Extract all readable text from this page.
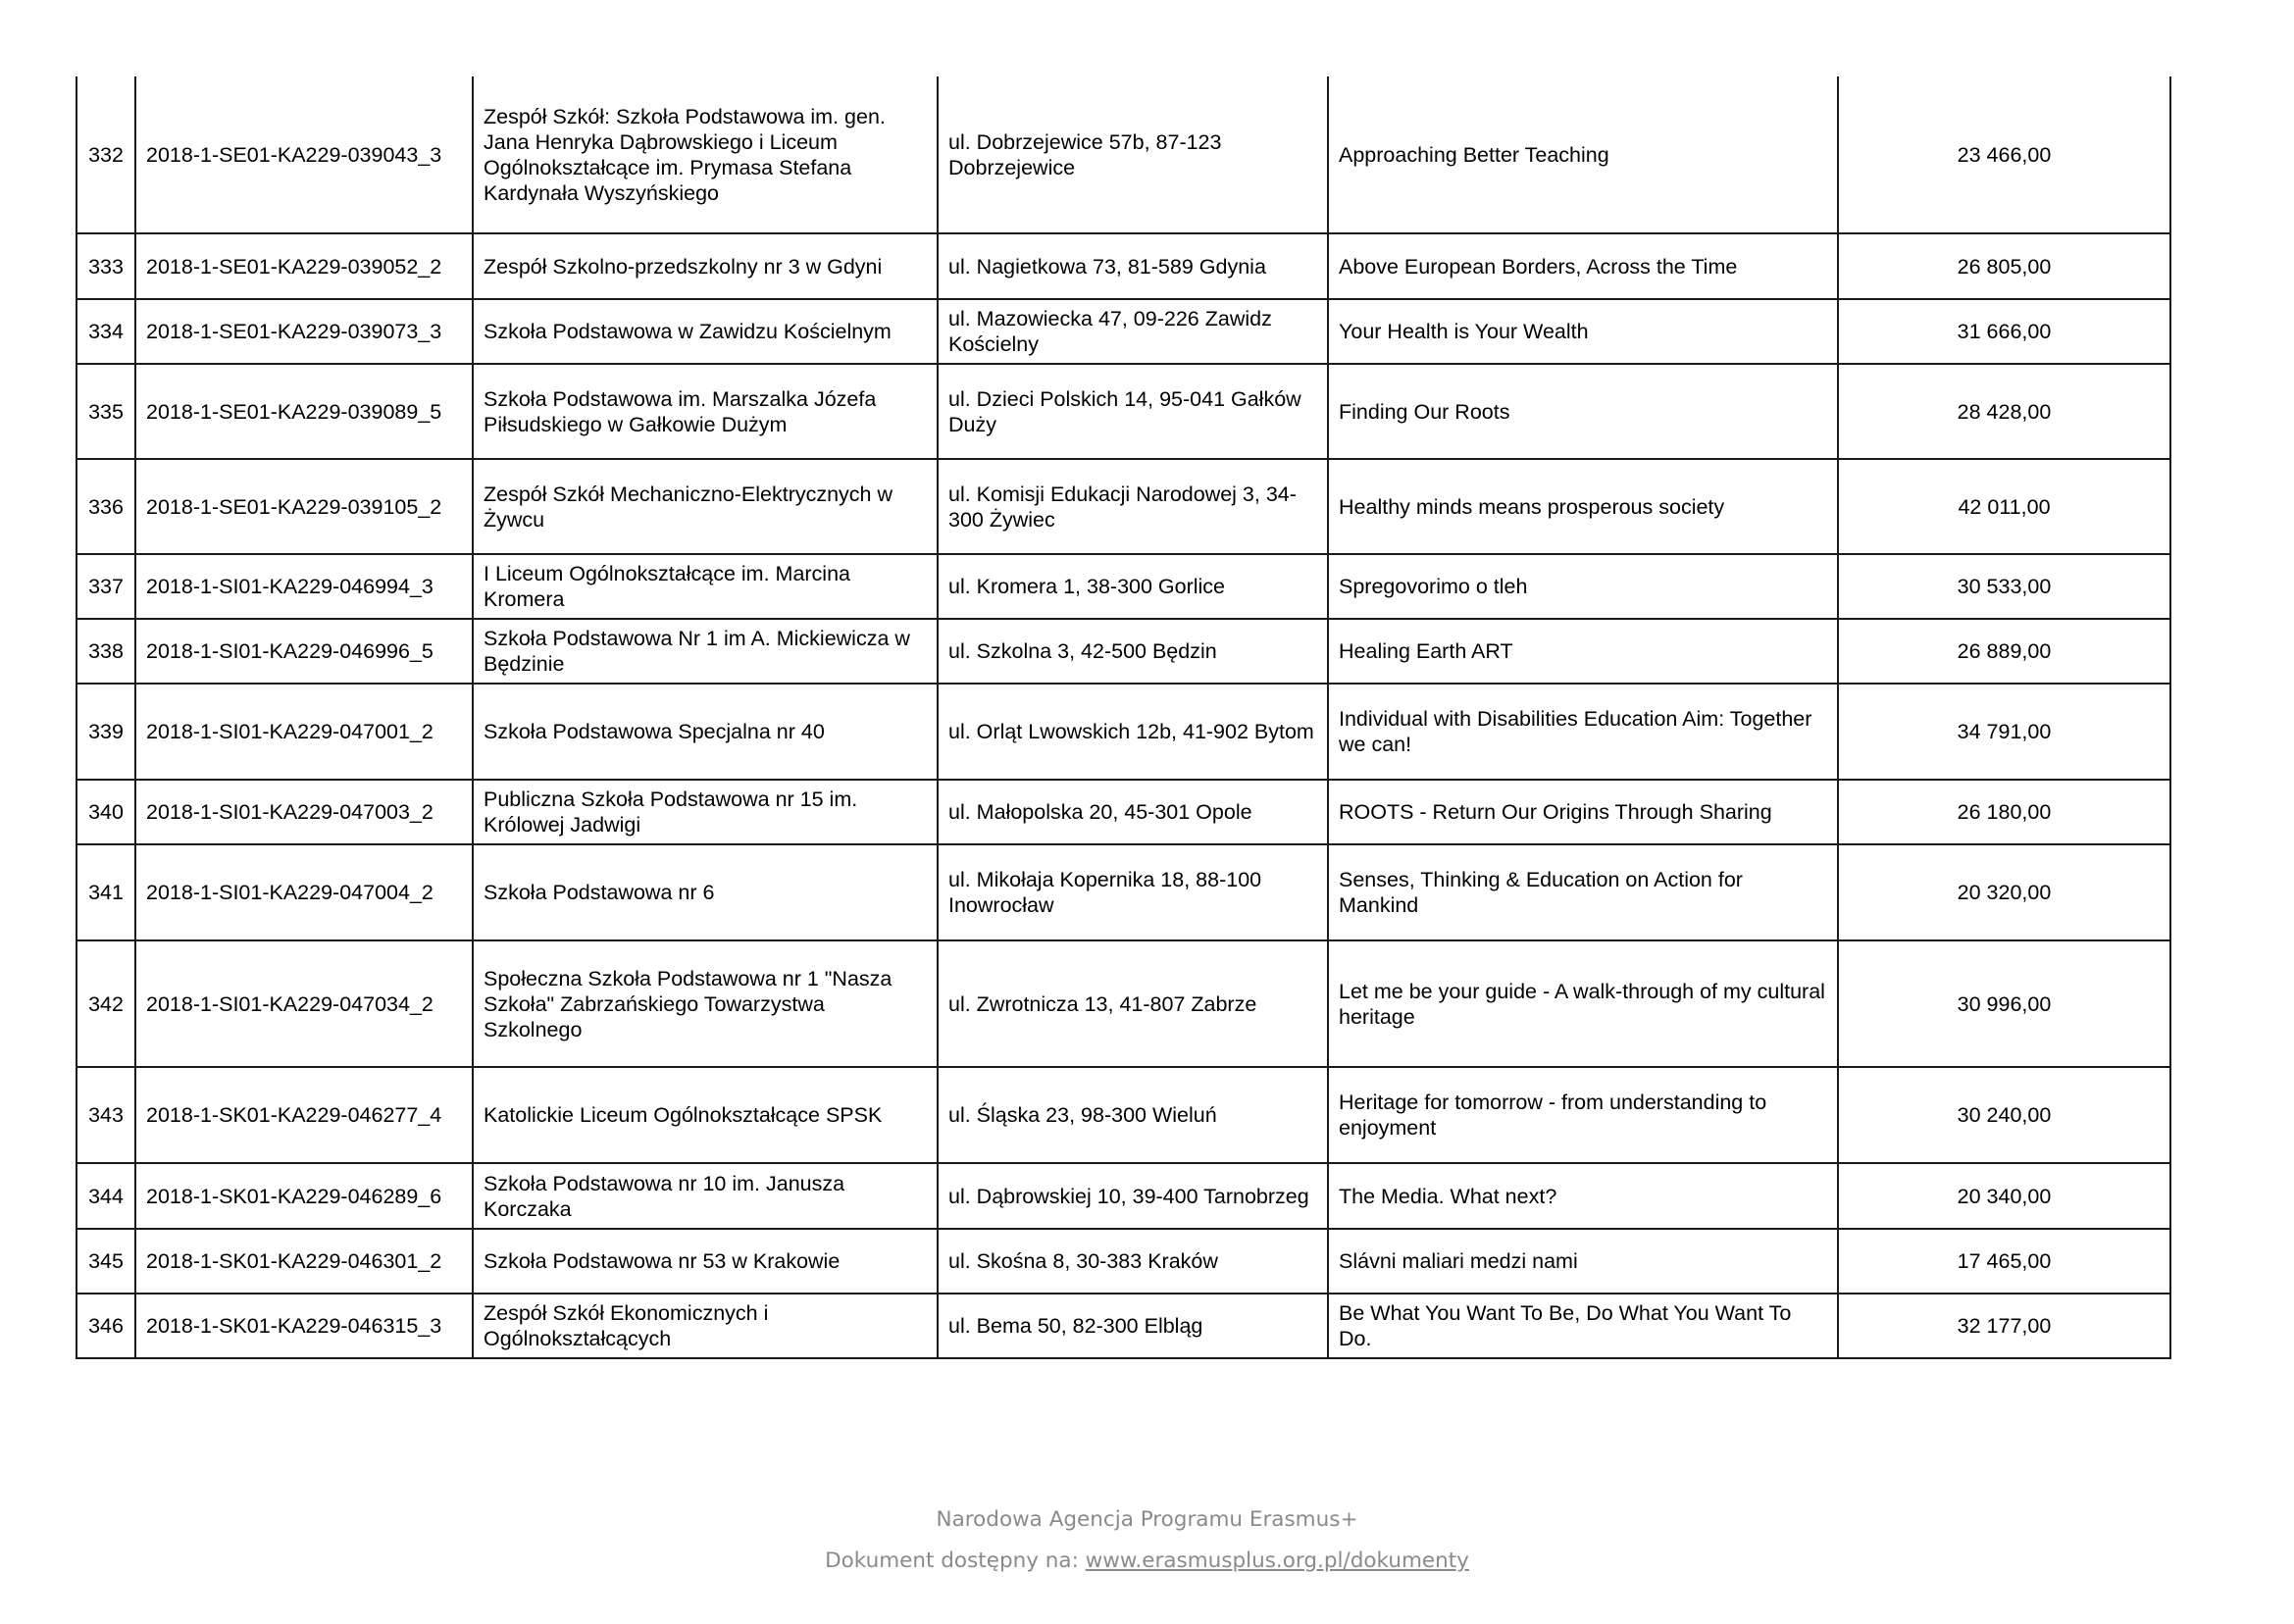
332	2018-1-SE01-KA229-039043_3	Zespół Szkół: Szkoła Podstawowa im. gen. Jana Henryka Dąbrowskiego i Liceum Ogólnokształcące im. Prymasa Stefana Kardynała Wyszyńskiego	ul. Dobrzejewice 57b, 87-123 Dobrzejewice	Approaching Better Teaching	23 466,00
333	2018-1-SE01-KA229-039052_2	Zespół Szkolno-przedszkolny nr 3 w Gdyni	ul. Nagietkowa 73, 81-589 Gdynia	Above European Borders, Across the Time	26 805,00
334	2018-1-SE01-KA229-039073_3	Szkoła Podstawowa w Zawidzu Kościelnym	ul. Mazowiecka 47, 09-226 Zawidz Kościelny	Your Health is Your Wealth	31 666,00
335	2018-1-SE01-KA229-039089_5	Szkoła Podstawowa im. Marszalka Józefa Piłsudskiego w Gałkowie Dużym	ul. Dzieci Polskich 14, 95-041 Gałków Duży	Finding Our Roots	28 428,00
336	2018-1-SE01-KA229-039105_2	Zespół Szkół Mechaniczno-Elektrycznych w Żywcu	ul. Komisji Edukacji Narodowej 3, 34-300 Żywiec	Healthy minds means prosperous society	42 011,00
337	2018-1-SI01-KA229-046994_3	I Liceum Ogólnokształcące im. Marcina Kromera	ul. Kromera 1, 38-300 Gorlice	Spregovorimo o tleh	30 533,00
338	2018-1-SI01-KA229-046996_5	Szkoła Podstawowa Nr 1 im A. Mickiewicza w Będzinie	ul. Szkolna 3, 42-500 Będzin	Healing Earth ART	26 889,00
339	2018-1-SI01-KA229-047001_2	Szkoła Podstawowa Specjalna nr 40	ul. Orląt Lwowskich 12b, 41-902 Bytom	Individual with Disabilities Education Aim: Together we can!	34 791,00
340	2018-1-SI01-KA229-047003_2	Publiczna Szkoła Podstawowa nr 15 im. Królowej Jadwigi	ul. Małopolska 20, 45-301 Opole	ROOTS - Return Our Origins Through Sharing	26 180,00
341	2018-1-SI01-KA229-047004_2	Szkoła Podstawowa nr 6	ul. Mikołaja Kopernika 18, 88-100 Inowrocław	Senses, Thinking & Education on Action for Mankind	20 320,00
342	2018-1-SI01-KA229-047034_2	Społeczna Szkoła Podstawowa nr 1 "Nasza Szkoła" Zabrzańskiego Towarzystwa Szkolnego	ul. Zwrotnicza 13, 41-807 Zabrze	Let me be your guide - A walk-through of my cultural heritage	30 996,00
343	2018-1-SK01-KA229-046277_4	Katolickie Liceum Ogólnokształcące SPSK	ul. Śląska 23, 98-300 Wieluń	Heritage for tomorrow - from understanding to enjoyment	30 240,00
344	2018-1-SK01-KA229-046289_6	Szkoła Podstawowa nr 10 im. Janusza Korczaka	ul. Dąbrowskiej 10, 39-400 Tarnobrzeg	The Media. What next?	20 340,00
345	2018-1-SK01-KA229-046301_2	Szkoła Podstawowa nr 53 w Krakowie	ul. Skośna 8, 30-383 Kraków	Slávni maliari medzi nami	17 465,00
346	2018-1-SK01-KA229-046315_3	Zespół Szkół Ekonomicznych i Ogólnokształcących	ul. Bema 50, 82-300 Elbląg	Be What You Want To Be, Do What You Want To Do.	32 177,00
Narodowa Agencja Programu Erasmus+
Dokument dostępny na: www.erasmusplus.org.pl/dokumenty
